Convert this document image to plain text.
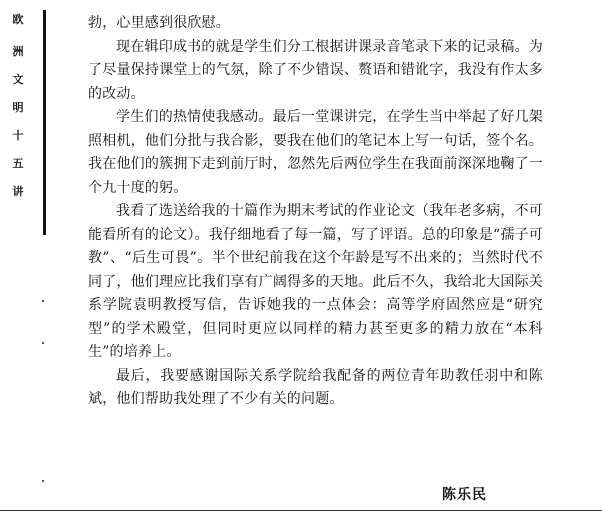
欧
洲
文
明
十
五
讲

勃，心里感到很欣慰。

现在辑印成书的就是学生们分工根据讲课录音笔录下来的记录稿。为了尽量保持课堂上的气氛，除了不少错误、赘语和错讹字，我没有作太多的改动。

学生们的热情使我感动。最后一堂课讲完，在学生当中举起了好几架照相机，他们分批与我合影，要我在他们的笔记本上写一句话，签个名。我在他们的簇拥下走到前厅时，忽然先后两位学生在我面前深深地鞠了一个九十度的躬。

我看了选送给我的十篇作为期末考试的作业论文（我年老多病，不可能看所有的论文）。我仔细地看了每一篇，写了评语。总的印象是“孺子可教”、“后生可畏”。半个世纪前我在这个年龄是写不出来的；当然时代不同了，他们理应比我们享有广阔得多的天地。此后不久，我给北大国际关系学院袁明教授写信，告诉她我的一点体会：高等学府固然应是“研究型”的学术殿堂，但同时更应以同样的精力甚至更多的精力放在“本科生”的培养上。

最后，我要感谢国际关系学院给我配备的两位青年助教任羽中和陈斌，他们帮助我处理了不少有关的问题。

陈乐民
